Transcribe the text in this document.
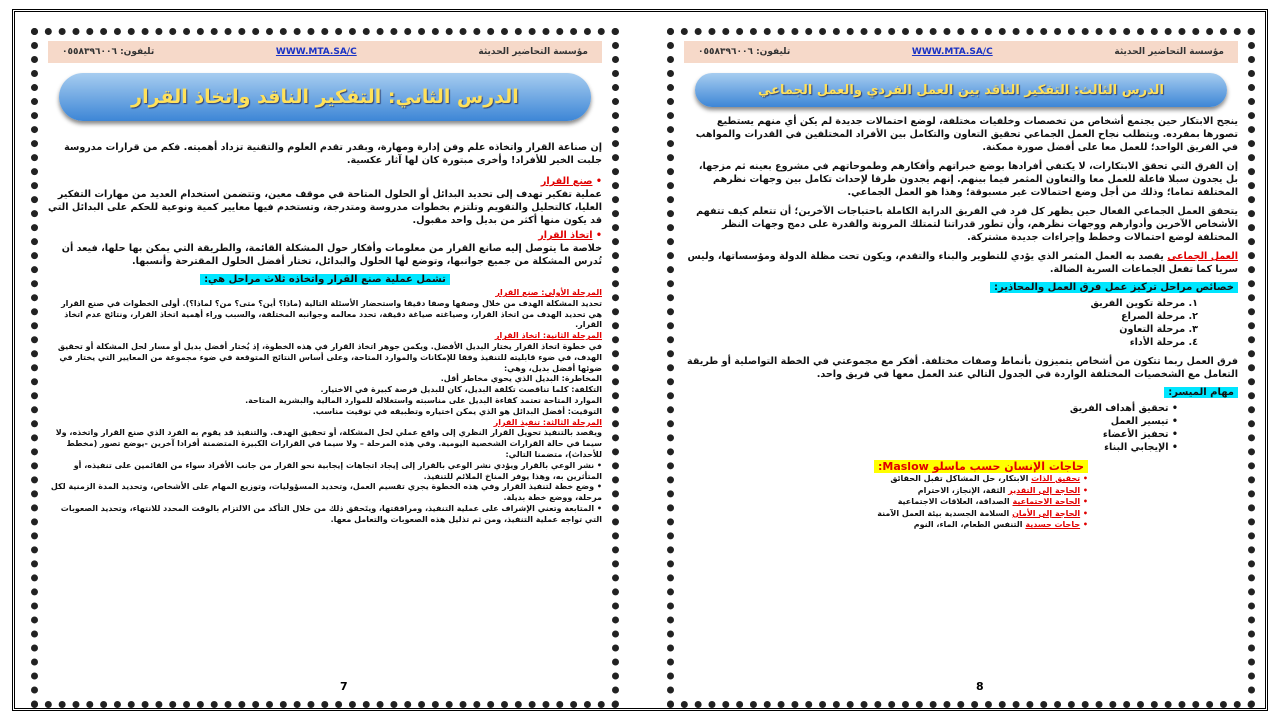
مؤسسة التحاضير الحديثة
WWW.MTA.SA/C
تليفون: ٠٥٥٨٣٩٦٠٠٦
الدرس الثاني: التفكير الناقد واتخاذ القرار

إن صناعة القرار واتخاذه علم وفن إدارة ومهارة، وبقدر تقدم العلوم والتقنية تزداد أهميته. فكم من قرارات مدروسة جلبت الخير للأفراد! وأخرى مبتورة كان لها آثار عكسية.

• صنع القرار

عملية تفكير تهدف إلى تحديد البدائل أو الحلول المتاحة في موقف معين، وتتضمن استخدام العديد من مهارات التفكير العليا، كالتحليل والتقويم وتلتزم بخطوات مدروسة ومتدرجة، وتستخدم فيها معايير كمية ونوعية للحكم على البدائل التي قد يكون منها أكثر من بديل واحد مقبول.

• اتخاذ القرار

خلاصة ما يتوصل إليه صانع القرار من معلومات وأفكار حول المشكلة القائمة، والطريقة التي يمكن بها حلها، فيعد أن تُدرس المشكلة من جميع جوانبها، وتوضع لها الحلول والبدائل، تختار أفضل الحلول المقترحة وأنسبها.

تشمل عملية صنع القرار واتخاذه ثلاث مراحل هي:

المرحلة الأولى: صنع القرار

تحديد المشكلة الهدف من خلال وصفها وصفا دقيقا واستحضار الأسئلة التالية (ماذا؟ أين؟ متى؟ من؟ لماذا؟). أولى الخطوات في صنع القرار هي تحديد الهدف من اتخاذ القرار، وصياغته صياغة دقيقة، تحدد معالمه وجوانبه المختلفة، والسبب وراء أهمية اتخاذ القرار، ونتائج عدم اتخاذ القرار.

المرحلة الثانية: اتخاذ القرار

في خطوة اتخاذ القرار يختار البديل الأفضل. ويكمن جوهر اتخاذ القرار في هذه الخطوة، إذ يُختار أفضل بديل أو مسار لحل المشكلة أو تحقيق الهدف، في ضوء قابليته للتنفيذ وفقا للإمكانات والموارد المتاحة، وعلى أساس النتائج المتوقعة في ضوء مجموعة من المعايير التي يختار في ضوئها أفضل بديل، وهي:

المخاطرة: البديل الذي يحوي مخاطر أقل.

التكلفة: كلما تناقصت تكلفة البديل، كان للبديل فرصة كبيرة في الاختيار.

الموارد المتاحة تعتمد كفاءة البديل على مناسبته واستغلاله للموارد المالية والبشرية المتاحة.

التوقيت: أفضل البدائل هو الذي يمكن اختياره وتطبيقه في توقيت مناسب.

المرحلة الثالثة: تنفيذ القرار

ويقصد بالتنفيذ تحويل القرار النظري إلى واقع عملي لحل المشكلة، أو تحقيق الهدف. والتنفيذ قد يقوم به الفرد الذي صنع القرار واتخذه، ولا سيما في حالة القرارات الشخصية اليومية. وفي هذه المرحلة – ولا سيما في القرارات الكبيرة المتضمنة أفرادا آخرين -يوضع تصور (مخطط للأحداث)، متضمنا التالي:

• نشر الوعي بالقرار ويؤدي نشر الوعي بالقرار إلى إيجاد اتجاهات إيجابية نحو القرار من جانب الأفراد سواء من القائمين على تنفيذه، أو المتأثرين به، وهذا يوفر المناخ الملائم للتنفيذ.

• وضع خطة لتنفيذ القرار وفي هذه الخطوة يجري تقسيم العمل، وتحديد المسؤوليات، وتوزيع المهام على الأشخاص، وتحديد المدة الزمنية لكل مرحلة، ووضع خطة بديلة.

• المتابعة وتعني الإشراف على عملية التنفيذ، ومرافقتها، ويتَحقق ذلك من خلال التأكد من الالتزام بالوقت المحدد للانتهاء، وتحديد الصعوبات التي تواجه عملية التنفيذ، ومن ثم تذليل هذه الصعوبات والتعامل معها.

7
مؤسسة التحاضير الحديثة
WWW.MTA.SA/C
تليفون: ٠٥٥٨٣٩٦٠٠٦
الدرس الثالث: التفكير الناقد بين العمل الفردي والعمل الجماعي

ينجح الابتكار حين يجتمع أشخاص من تخصصات وخلفيات مختلفة، لوضع احتمالات جديدة لم يكن أي منهم يستطيع تصورها بمفرده. ويتطلب نجاح العمل الجماعي تحقيق التعاون والتكامل بين الأفراد المختلفين في القدرات والمواهب في الفريق الواحد؛ للعمل معا على أفضل صورة ممكنة.

إن الفرق التي تحقق الابتكارات، لا يكتفي أفرادها بوضع خبراتهم وأفكارهم وطموحاتهم في مشروع بعينه ثم مزجها، بل يجدون سبلا فاعلة للعمل معا والتعاون المثمر فيما بينهم. إنهم يجدون طرقا لإحداث تكامل بين وجهات نظرهم المختلفة تماما؛ وذلك من أجل وضع احتمالات غير مسبوقة؛ وهذا هو العمل الجماعي.

يتحقق العمل الجماعي الفعال حين يظهر كل فرد في الفريق الدراية الكاملة باحتياجات الآخرين؛ أن تتعلم كيف تتفهم الأشخاص الآخرين وأدوارهم ووجهات نظرهم، وأن تطور قدراتنا لتمتلك المرونة والقدرة على دمج وجهات النظر المختلفة لوضع احتمالات وخطط وإجراءات جديدة مشتركة.

العمل الجماعي يقصد به العمل المثمر الذي يؤدي للتطوير والبناء والتقدم، ويكون تحت مظلة الدولة ومؤسساتها، وليس سريا كما تفعل الجماعات السرية الضالة.

خصائص مراحل تركيز عمل فرق العمل والمحاذير:
١. مرحلة تكوين الفريق
٢. مرحلة الصراع
٣. مرحلة التعاون
٤. مرحلة الأداء

فرق العمل ربما تتكون من أشخاص يتميزون بأنماط وصفات مختلفة. أفكر مع مجموعتي في الخطة التواصلية أو طريقة التعامل مع الشخصيات المختلفة الواردة في الجدول التالي عند العمل معها في فريق واحد.

مهام الميسر:
• تحقيق أهداف الفريق
• تيسير العمل
• تحفيز الأعضاء
• الإيجابي البناء
حاجات الإنسان حسب ماسلو Maslow:
• تحقيق الذات الابتكار، حل المشاكل تقبل الحقائق
• الحاجة إلى التقدير الثقة، الإنجاز، الاحترام
• الحاجة الاجتماعية الصداقة، العلاقات الاجتماعية
• الحاجة إلى الأمان السلامة الجسدية بيئة العمل الآمنة
• حاجات جسدية التنفس الطعام، الماء، النوم
8
